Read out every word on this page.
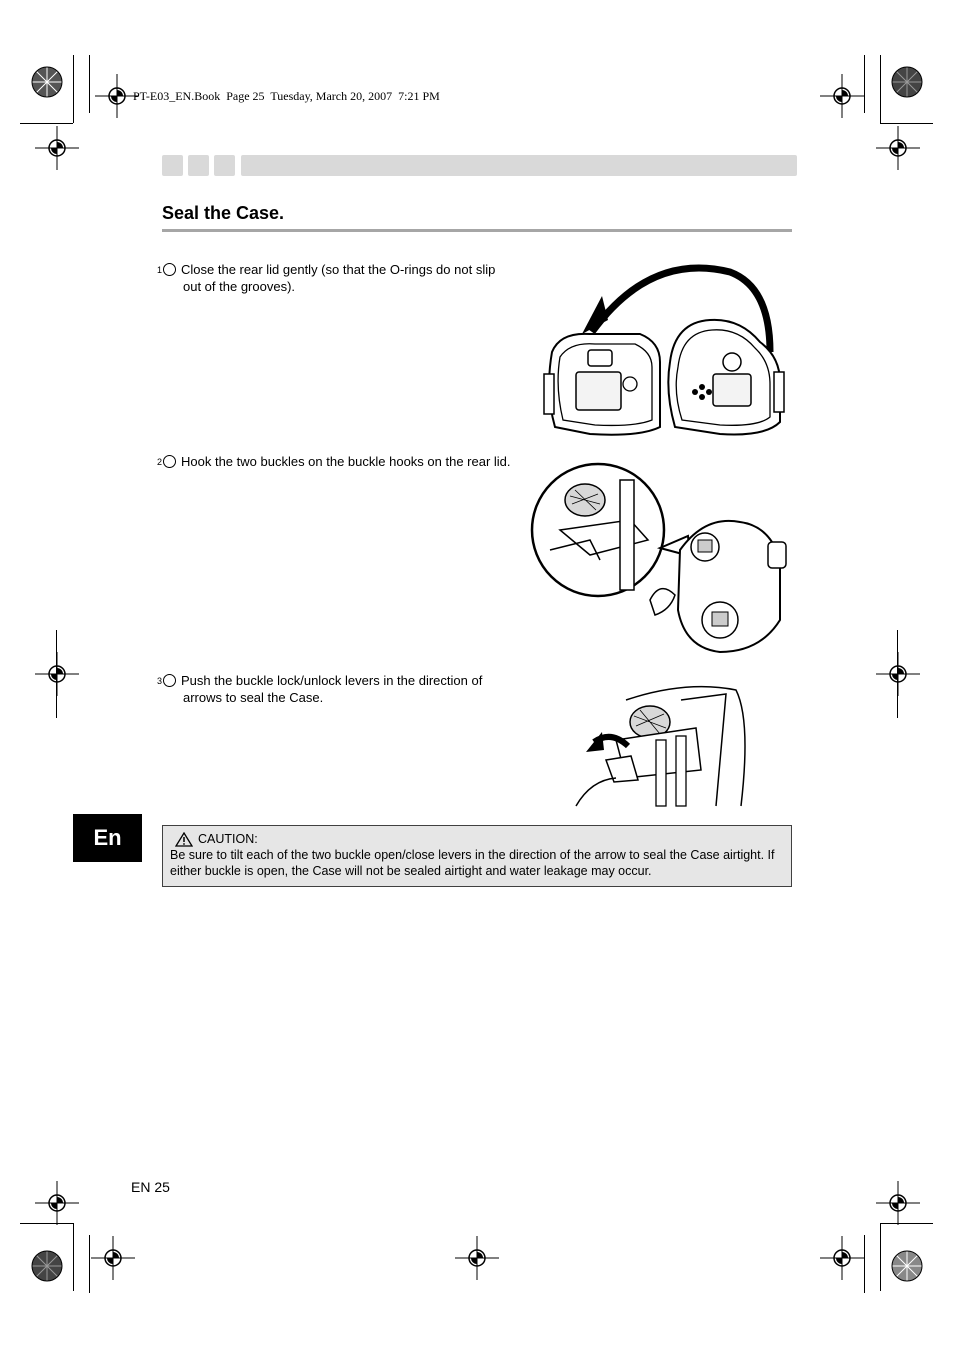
PT-E03_EN.Book  Page 25  Tuesday, March 20, 2007  7:21 PM
Seal the Case.
1 Close the rear lid gently (so that the O-rings do not slip out of the grooves).
2 Hook the two buckles on the buckle hooks on the rear lid.
3 Push the buckle lock/unlock levers in the direction of arrows to seal the Case.
En	CAUTION:
Be sure to tilt each of the two buckle open/close levers in the direction of the arrow to seal the Case airtight. If either buckle is open, the Case will not be sealed airtight and water leakage may occur.
EN 25
